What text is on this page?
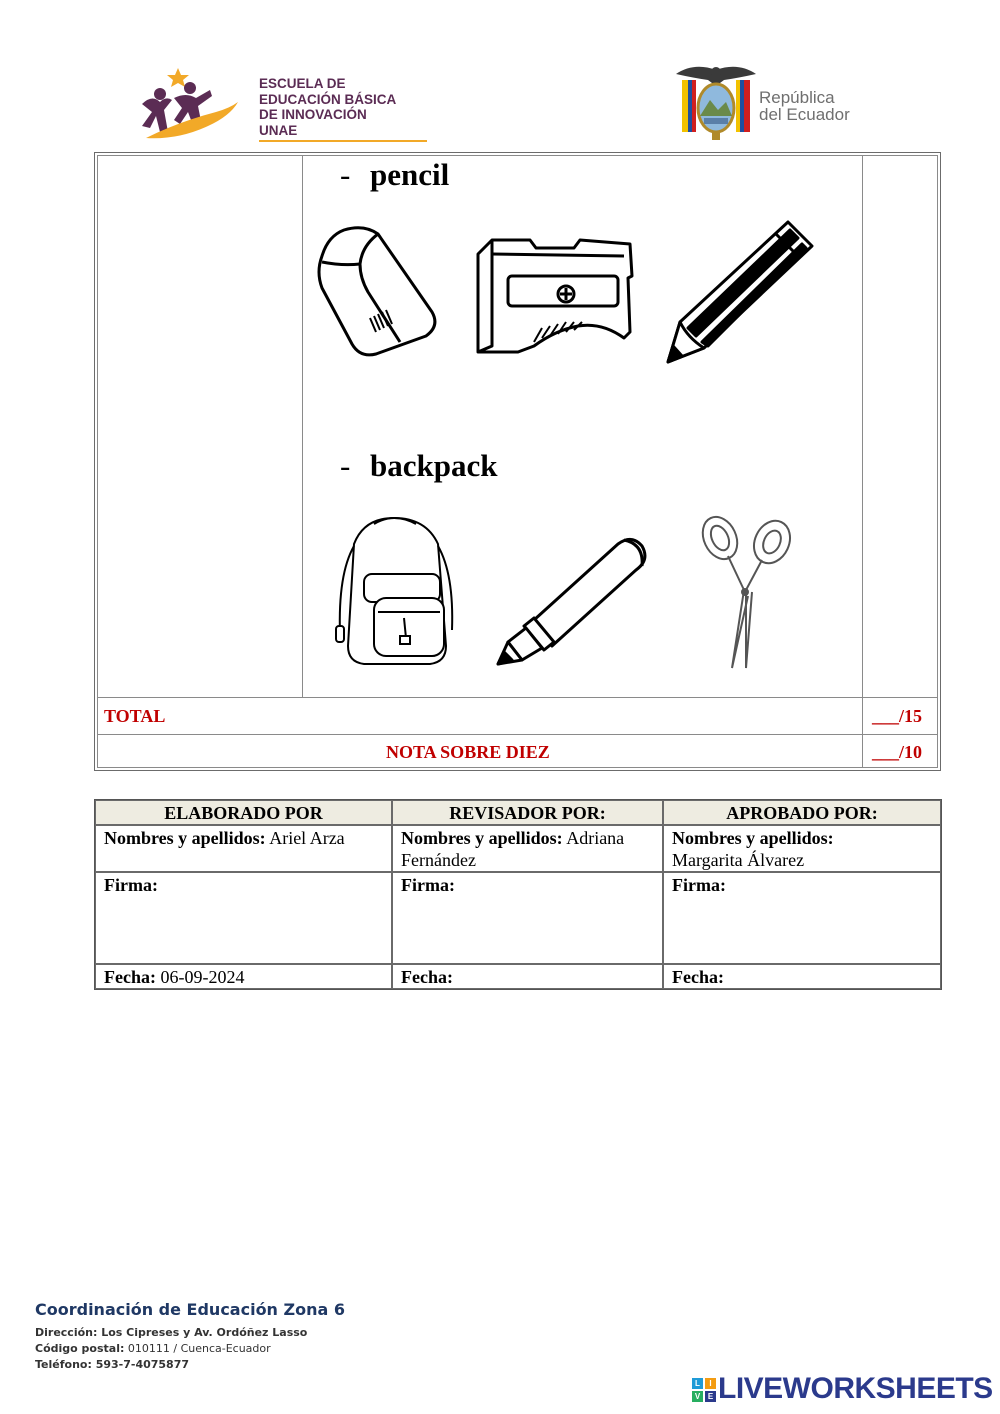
ESCUELA DE
EDUCACIÓN BÁSICA
DE INNOVACIÓN
UNAE
República
del Ecuador
- pencil
- backpack
TOTAL	___/15
NOTA SOBRE DIEZ	___/10
ELABORADO POR	REVISADOR POR:	APROBADO POR:
Nombres y apellidos: Ariel Arza	Nombres y apellidos: Adriana Fernández	Nombres y apellidos:
Margarita Álvarez
Firma:	Firma:	Firma:
Fecha: 06-09-2024	Fecha:	Fecha:
Coordinación de Educación Zona 6
Dirección: Los Cipreses y Av. Ordóñez Lasso
Código postal: 010111 / Cuenca-Ecuador
Teléfono: 593-7-4075877
L	I
V E LIVEWORKSHEETS
